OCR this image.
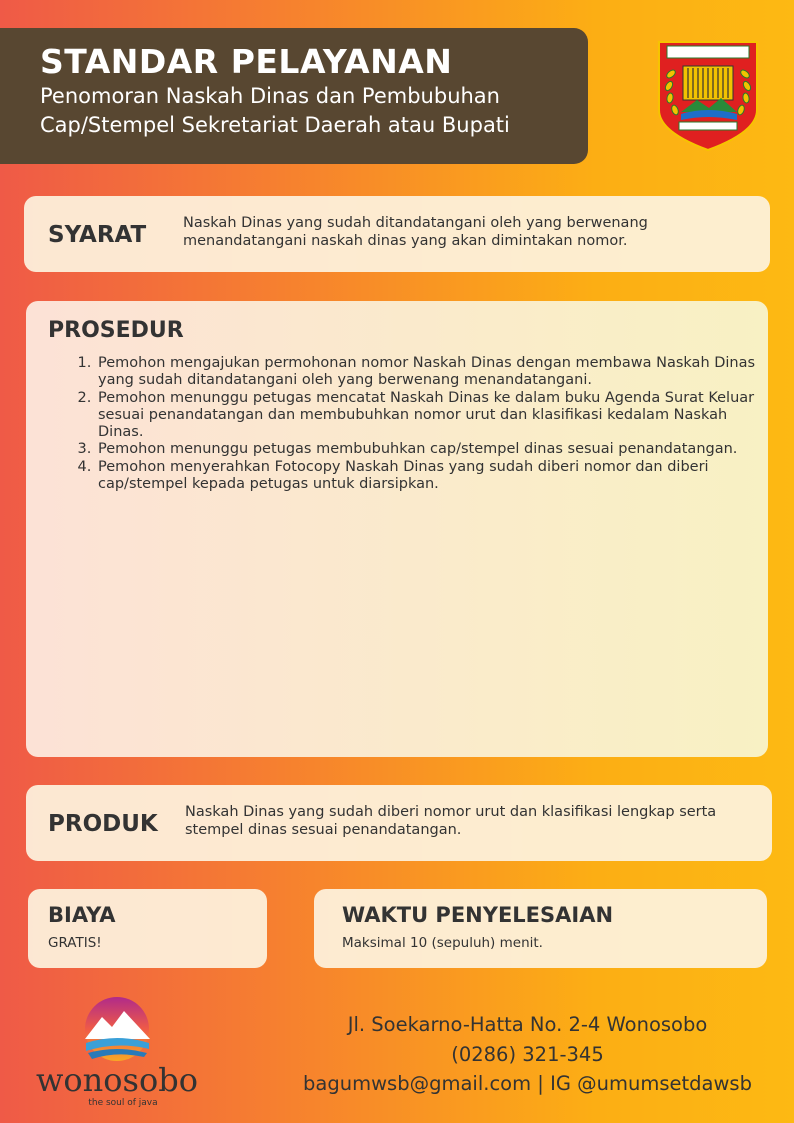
STANDAR PELAYANAN
Penomoran Naskah Dinas dan Pembubuhan
Cap/Stempel Sekretariat Daerah atau Bupati
SYARAT	Naskah Dinas yang sudah ditandatangani oleh yang berwenang menandatangani naskah dinas yang akan dimintakan nomor.
PROSEDUR
1. Pemohon mengajukan permohonan nomor Naskah Dinas dengan membawa Naskah Dinas yang sudah ditandatangani oleh yang berwenang menandatangani.
2. Pemohon menunggu petugas mencatat Naskah Dinas ke dalam buku Agenda Surat Keluar sesuai penandatangan dan membubuhkan nomor urut dan klasifikasi kedalam Naskah Dinas.
3. Pemohon menunggu petugas membubuhkan cap/stempel dinas sesuai penandatangan.
4. Pemohon menyerahkan Fotocopy Naskah Dinas yang sudah diberi nomor dan diberi cap/stempel kepada petugas untuk diarsipkan.
PRODUK Naskah Dinas yang sudah diberi nomor urut dan klasifikasi lengkap serta stempel dinas sesuai penandatangan.
BIAYA
GRATIS!
WAKTU PENYELESAIAN
Maksimal 10 (sepuluh) menit.
wonosobo
the soul of java
Jl. Soekarno-Hatta No. 2-4 Wonosobo
(0286) 321-345
bagumwsb@gmail.com | IG @umumsetdawsb
